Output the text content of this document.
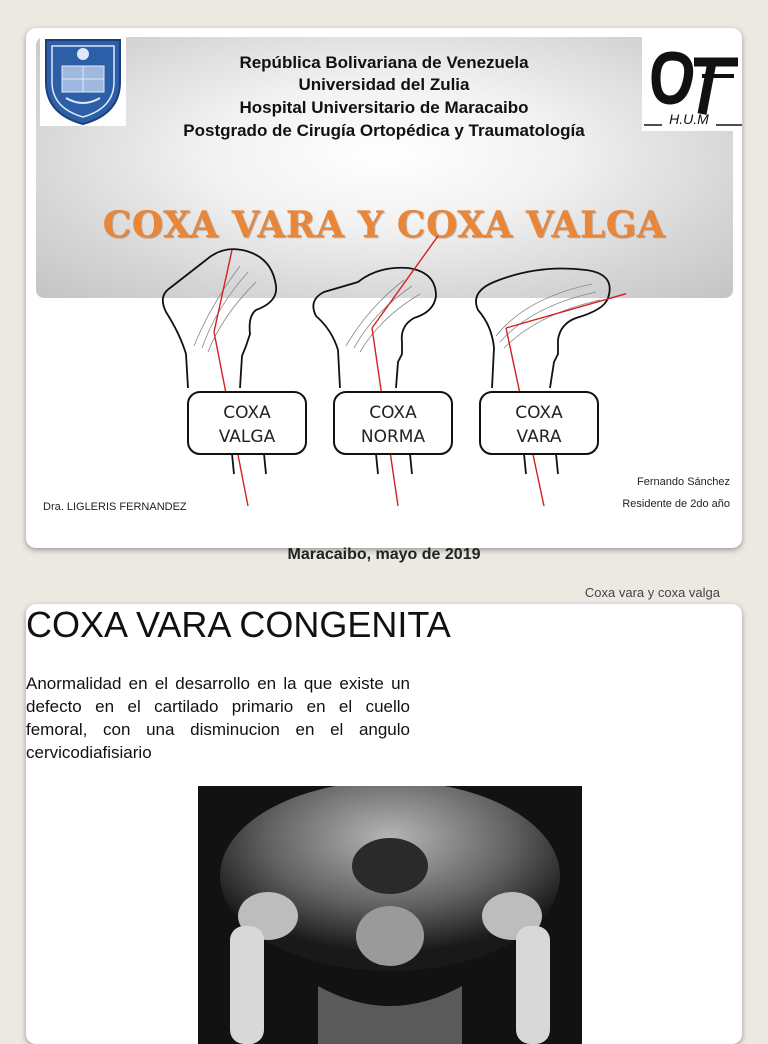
H.U.M
República Bolivariana de Venezuela
Universidad del Zulia
Hospital Universitario de Maracaibo
Postgrado de Cirugía Ortopédica y Traumatología
COXA VARA Y COXA VALGA
COXA
VALGA
COXA
NORMA
COXA
VARA
Fernando Sánchez
Residente de 2do año
Dra. LIGLERIS FERNANDEZ
Maracaibo, mayo de 2019
Coxa vara y coxa valga
COXA VARA CONGENITA
Anormalidad en el desarrollo en la que existe un defecto en el cartilado primario en el cuello femoral, con una disminucion en el angulo cervicodiafisiario
